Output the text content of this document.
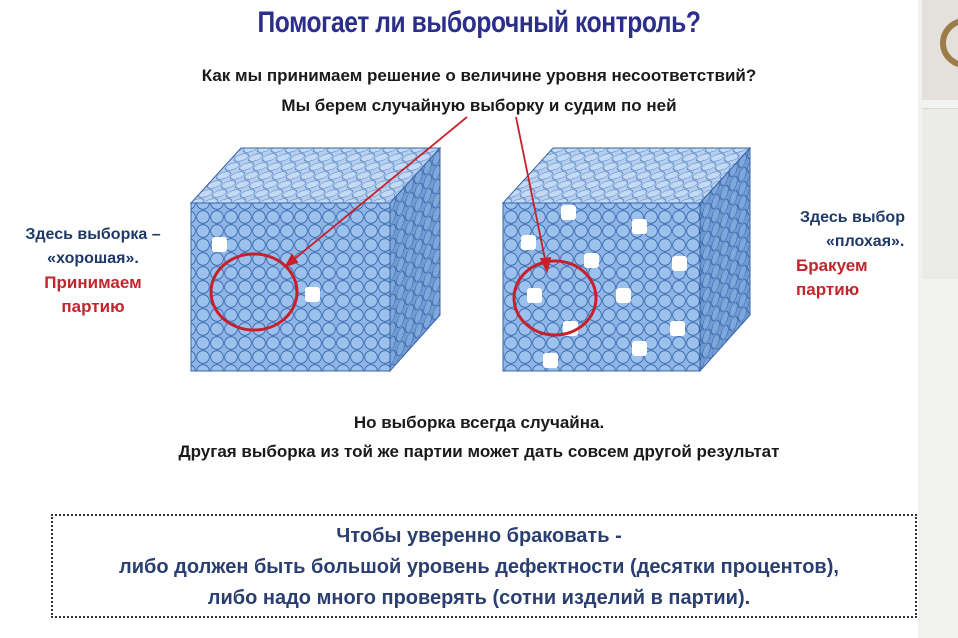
Помогает ли выборочный контроль?
Как мы принимаем решение о величине уровня несоответствий?
Мы берем случайную выборку и судим по ней
Здесь выборка –
«хорошая».
Принимаем
партию
Здесь выбор
«плохая».
Бракуем партию
Но выборка всегда случайна.
Другая выборка из той же партии может дать совсем другой результат
Чтобы уверенно браковать -
либо должен быть большой уровень дефектности (десятки процентов),
либо надо много проверять (сотни изделий в партии).
